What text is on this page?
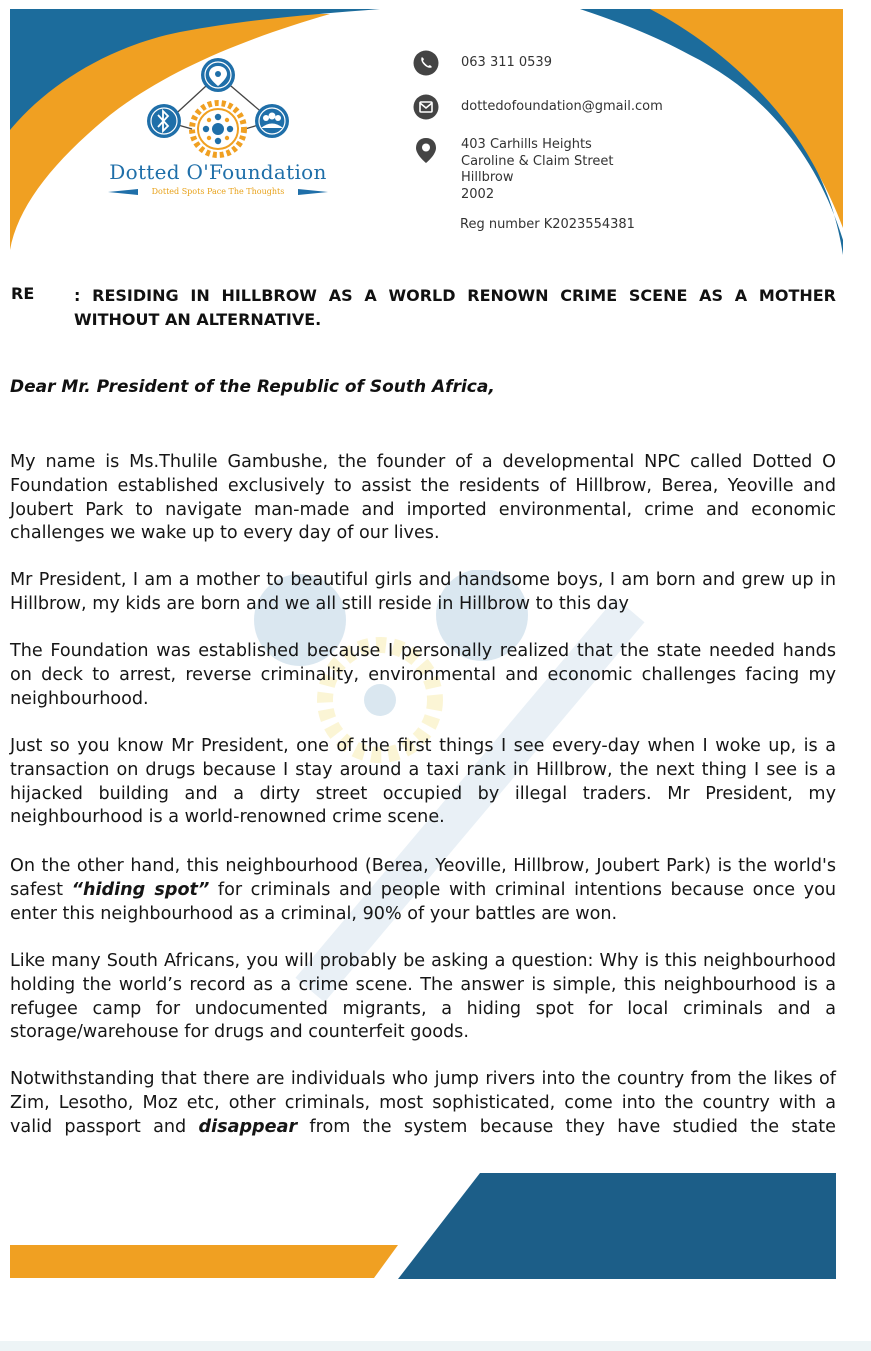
Dotted O'Foundation
Dotted Spots Pace The Thoughts
063 311 0539
dottedofoundation@gmail.com
403 Carhills Heights
Caroline & Claim Street
Hillbrow
2002
Reg number K2023554381
RE : RESIDING IN HILLBROW AS A WORLD RENOWN CRIME SCENE AS A MOTHER WITHOUT AN ALTERNATIVE.
Dear Mr. President of the Republic of South Africa,
My name is Ms.Thulile Gambushe, the founder of a developmental NPC called Dotted O Foundation established exclusively to assist the residents of Hillbrow, Berea, Yeoville and Joubert Park to navigate man-made and imported environmental, crime and economic challenges we wake up to every day of our lives.
Mr President, I am a mother to beautiful girls and handsome boys, I am born and grew up in Hillbrow, my kids are born and we all still reside in Hillbrow to this day
The Foundation was established because I personally realized that the state needed hands on deck to arrest, reverse criminality, environmental and economic challenges facing my neighbourhood.
Just so you know Mr President, one of the first things I see every-day when I woke up, is a transaction on drugs because I stay around a taxi rank in Hillbrow, the next thing I see is a hijacked building and a dirty street occupied by illegal traders. Mr President, my neighbourhood is a world-renowned crime scene.
On the other hand, this neighbourhood (Berea, Yeoville, Hillbrow, Joubert Park) is the world's safest “hiding spot” for criminals and people with criminal intentions because once you enter this neighbourhood as a criminal, 90% of your battles are won.
Like many South Africans, you will probably be asking a question: Why is this neighbourhood holding the world’s record as a crime scene. The answer is simple, this neighbourhood is a refugee camp for undocumented migrants, a hiding spot for local criminals and a storage/warehouse for drugs and counterfeit goods.
Notwithstanding that there are individuals who jump rivers into the country from the likes of Zim, Lesotho, Moz etc, other criminals, most sophisticated, come into the country with a valid passport and disappear from the system because they have studied the state
